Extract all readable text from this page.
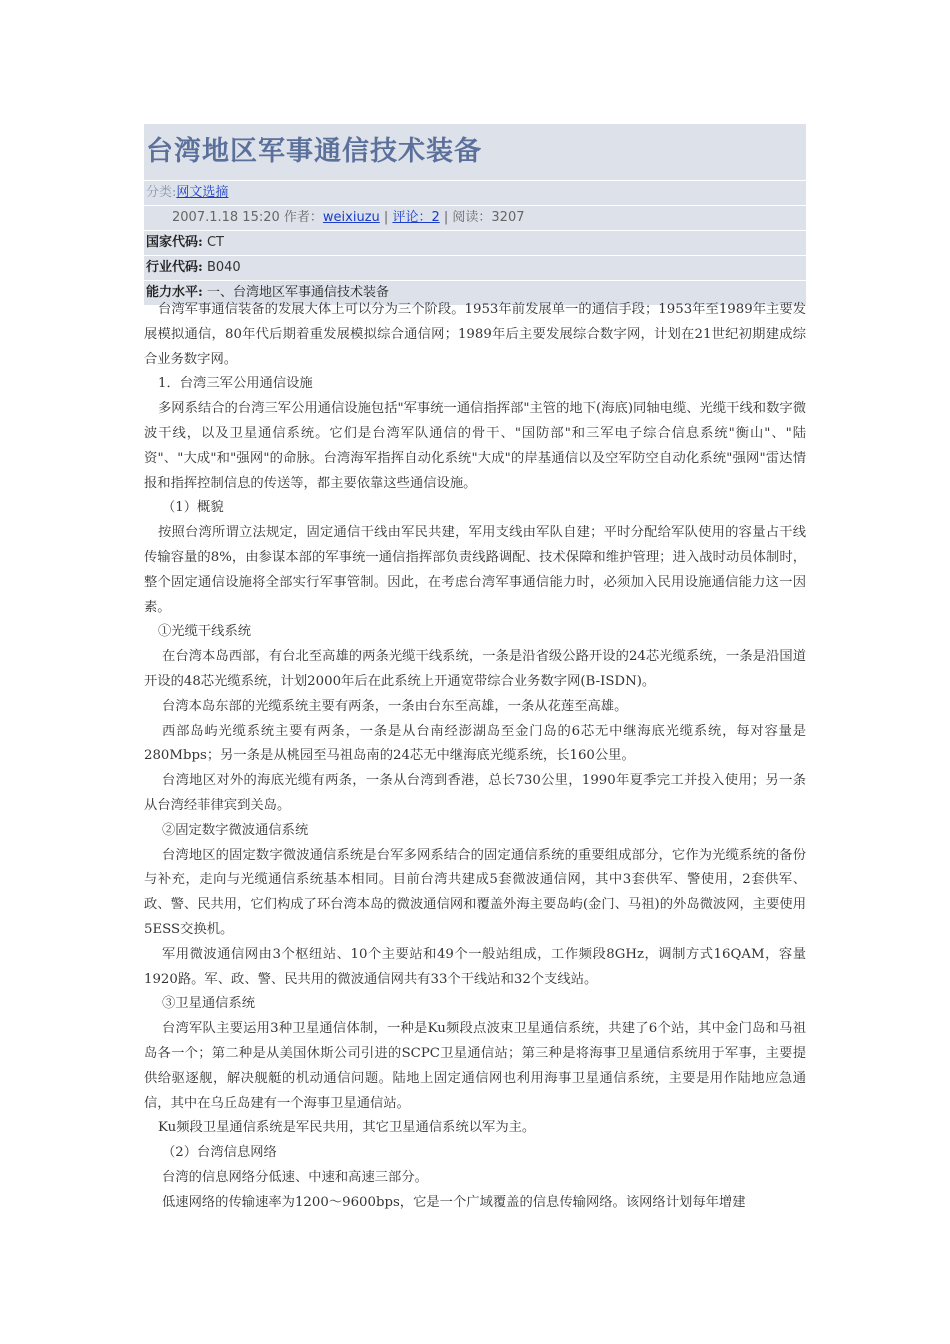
台湾地区军事通信技术装备
分类:网文选摘
2007.1.18 15:20 作者：weixiuzu | 评论：2 | 阅读：3207
国家代码: CT
行业代码: B040
能力水平: 一、台湾地区军事通信技术装备

台湾军事通信装备的发展大体上可以分为三个阶段。1953年前发展单一的通信手段；1953年至1989年主要发展模拟通信，80年代后期着重发展模拟综合通信网；1989年后主要发展综合数字网，计划在21世纪初期建成综合业务数字网。

1．台湾三军公用通信设施

多网系结合的台湾三军公用通信设施包括"军事统一通信指挥部"主管的地下(海底)同轴电缆、光缆干线和数字微波干线，以及卫星通信系统。它们是台湾军队通信的骨干、"国防部"和三军电子综合信息系统"衡山"、"陆资"、"大成"和"强网"的命脉。台湾海军指挥自动化系统"大成"的岸基通信以及空军防空自动化系统"强网"雷达情报和指挥控制信息的传送等，都主要依靠这些通信设施。

（1）概貌

按照台湾所谓立法规定，固定通信干线由军民共建，军用支线由军队自建；平时分配给军队使用的容量占干线传输容量的8%，由参谋本部的军事统一通信指挥部负责线路调配、技术保障和维护管理；进入战时动员体制时，整个固定通信设施将全部实行军事管制。因此，在考虑台湾军事通信能力时，必须加入民用设施通信能力这一因素。

①光缆干线系统

在台湾本岛西部，有台北至高雄的两条光缆干线系统，一条是沿省级公路开设的24芯光缆系统，一条是沿国道开设的48芯光缆系统，计划2000年后在此系统上开通宽带综合业务数字网(B-ISDN)。

台湾本岛东部的光缆系统主要有两条，一条由台东至高雄，一条从花莲至高雄。

西部岛屿光缆系统主要有两条，一条是从台南经澎湖岛至金门岛的6芯无中继海底光缆系统，每对容量是280Mbps；另一条是从桃园至马祖岛南的24芯无中继海底光缆系统，长160公里。

台湾地区对外的海底光缆有两条，一条从台湾到香港，总长730公里，1990年夏季完工并投入使用；另一条从台湾经菲律宾到关岛。

②固定数字微波通信系统

台湾地区的固定数字微波通信系统是台军多网系结合的固定通信系统的重要组成部分，它作为光缆系统的备份与补充，走向与光缆通信系统基本相同。目前台湾共建成5套微波通信网，其中3套供军、警使用，2套供军、政、警、民共用，它们构成了环台湾本岛的微波通信网和覆盖外海主要岛屿(金门、马祖)的外岛微波网，主要使用5ESS交换机。

军用微波通信网由3个枢纽站、10个主要站和49个一般站组成，工作频段8GHz，调制方式16QAM，容量1920路。军、政、警、民共用的微波通信网共有33个干线站和32个支线站。

③卫星通信系统

台湾军队主要运用3种卫星通信体制，一种是Ku频段点波束卫星通信系统，共建了6个站，其中金门岛和马祖岛各一个；第二种是从美国休斯公司引进的SCPC卫星通信站；第三种是将海事卫星通信系统用于军事，主要提供给驱逐舰，解决舰艇的机动通信问题。陆地上固定通信网也利用海事卫星通信系统，主要是用作陆地应急通信，其中在乌丘岛建有一个海事卫星通信站。

Ku频段卫星通信系统是军民共用，其它卫星通信系统以军为主。

（2）台湾信息网络

台湾的信息网络分低速、中速和高速三部分。

低速网络的传输速率为1200～9600bps，它是一个广域覆盖的信息传输网络。该网络计划每年增建
